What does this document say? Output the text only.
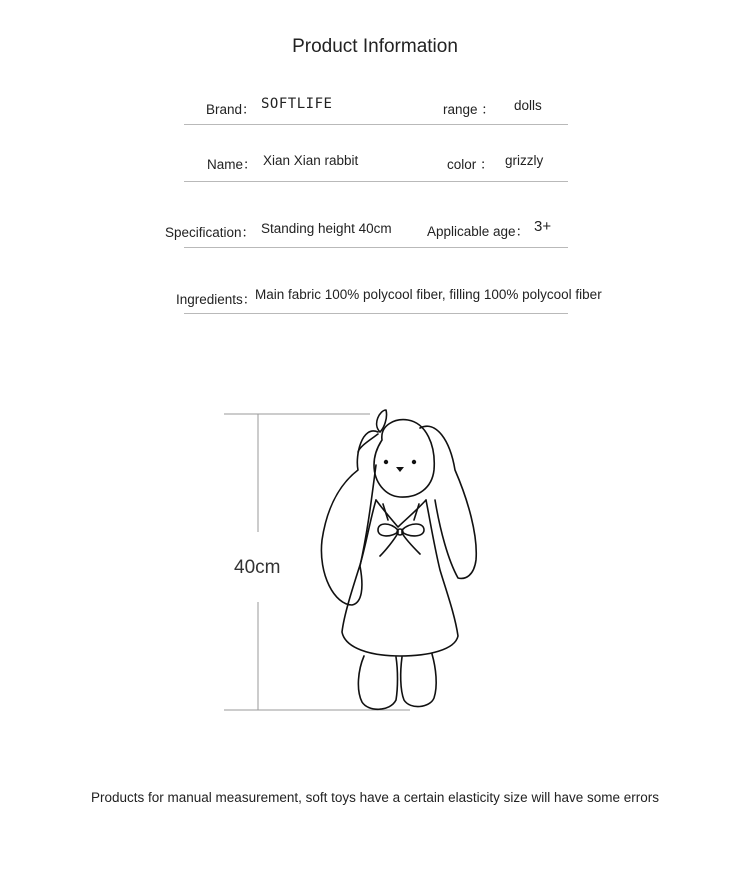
Product Information
Brand： SOFTLIFE	range ： dolls
Name： Xian Xian rabbit	color ： grizzly
Specification： Standing height 40cm	Applicable age： 3+
Ingredients：
Main fabric 100% polycool fiber, filling 100% polycool fiber
40cm
Products for manual measurement, soft toys have a certain elasticity size will have some errors
